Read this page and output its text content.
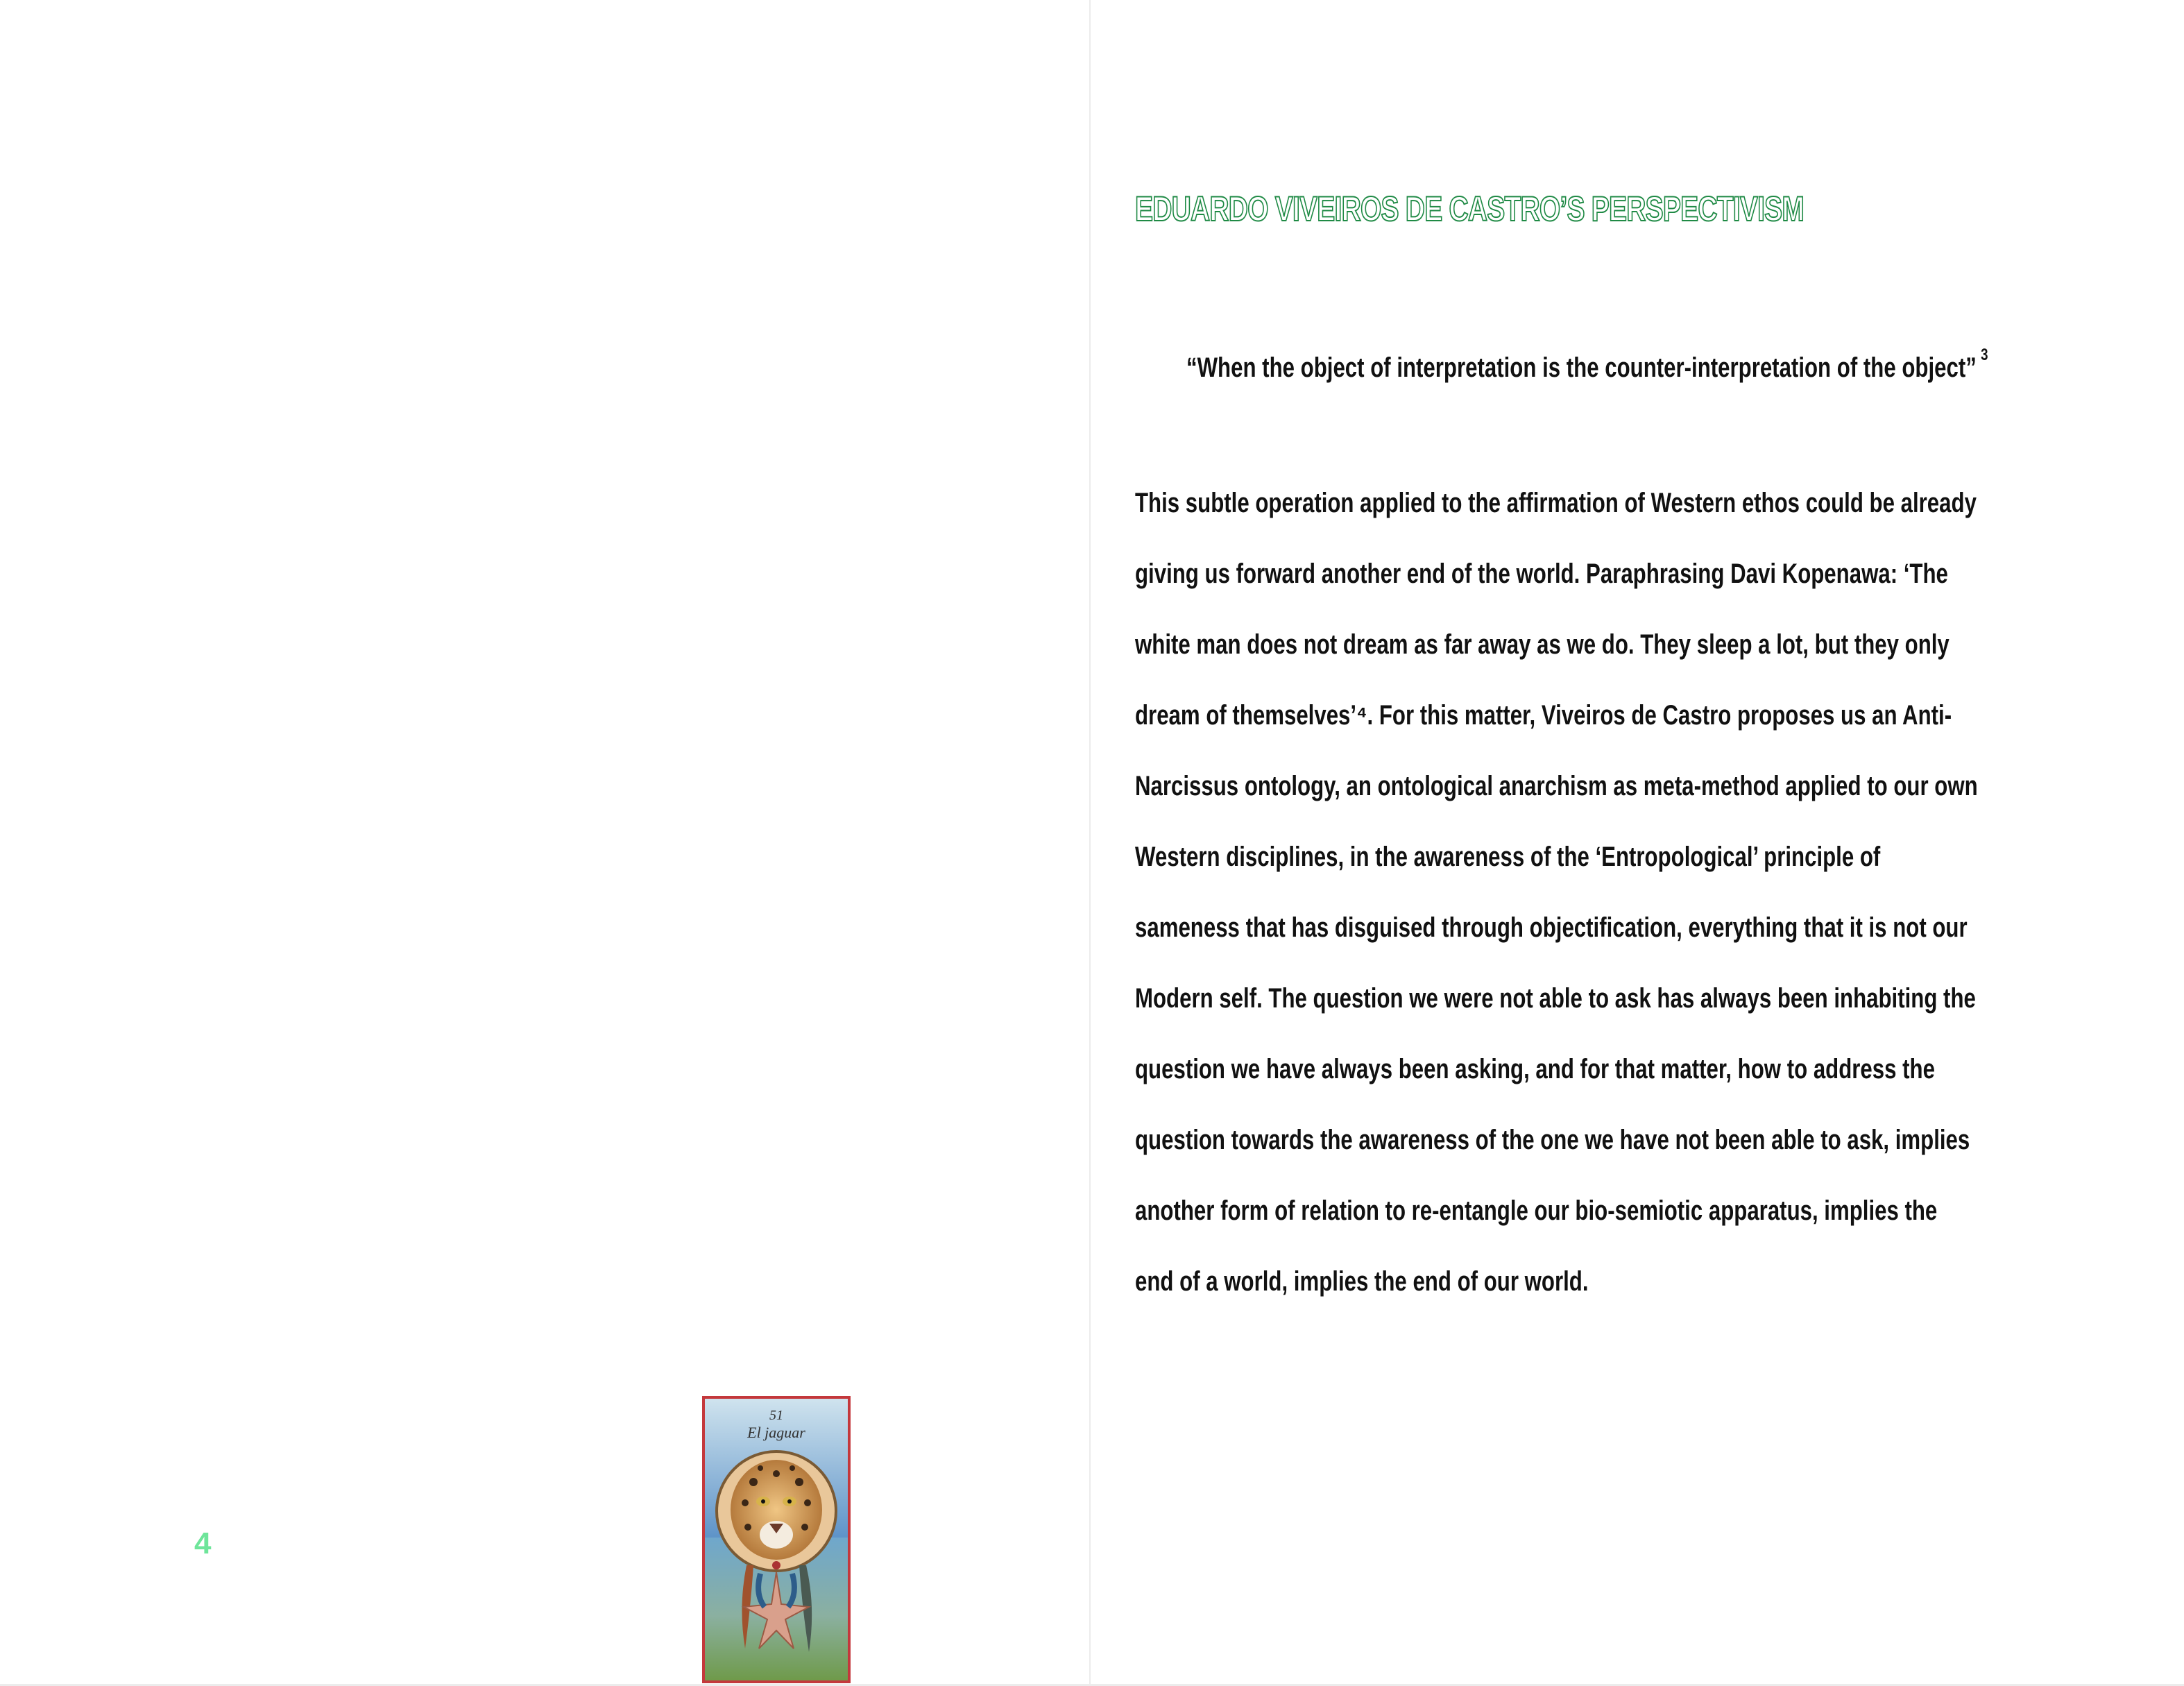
4
51
El jaguar
EDUARDO VIVEIROS DE CASTRO’S PERSPECTIVISM
“When the object of interpretation is the counter-interpretation of the object” $^3$
This subtle operation applied to the affirmation of Western ethos could be already
giving us forward another end of the world. Paraphrasing Davi Kopenawa: ‘The
white man does not dream as far away as we do. They sleep a lot, but they only
dream of themselves’⁴. For this matter, Viveiros de Castro proposes us an Anti-
Narcissus ontology, an ontological anarchism as meta-method applied to our own
Western disciplines, in the awareness of the ‘Entropological’ principle of
sameness that has disguised through objectification, everything that it is not our
Modern self. The question we were not able to ask has always been inhabiting the
question we have always been asking, and for that matter, how to address the
question towards the awareness of the one we have not been able to ask, implies
another form of relation to re-entangle our bio-semiotic apparatus, implies the
end of a world, implies the end of our world.
